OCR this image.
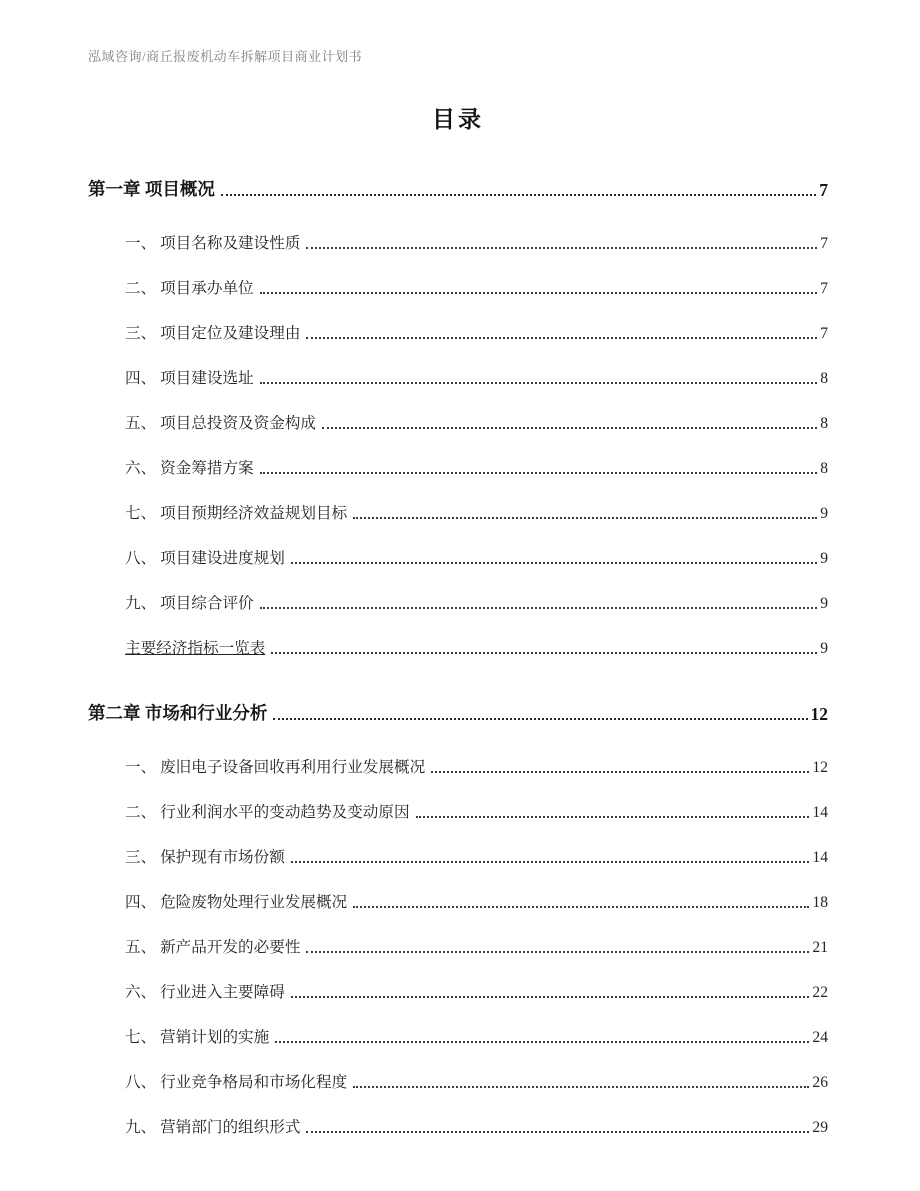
泓域咨询/商丘报废机动车拆解项目商业计划书
目录
第一章 项目概况	7
一、 项目名称及建设性质	7
二、 项目承办单位	7
三、 项目定位及建设理由	7
四、 项目建设选址	8
五、 项目总投资及资金构成	8
六、 资金筹措方案	8
七、 项目预期经济效益规划目标	9
八、 项目建设进度规划	9
九、 项目综合评价	9
主要经济指标一览表	9
第二章 市场和行业分析	12
一、 废旧电子设备回收再利用行业发展概况	12
二、 行业利润水平的变动趋势及变动原因	14
三、 保护现有市场份额	14
四、 危险废物处理行业发展概况	18
五、 新产品开发的必要性	21
六、 行业进入主要障碍	22
七、 营销计划的实施	24
八、 行业竞争格局和市场化程度	26
九、 营销部门的组织形式	29
